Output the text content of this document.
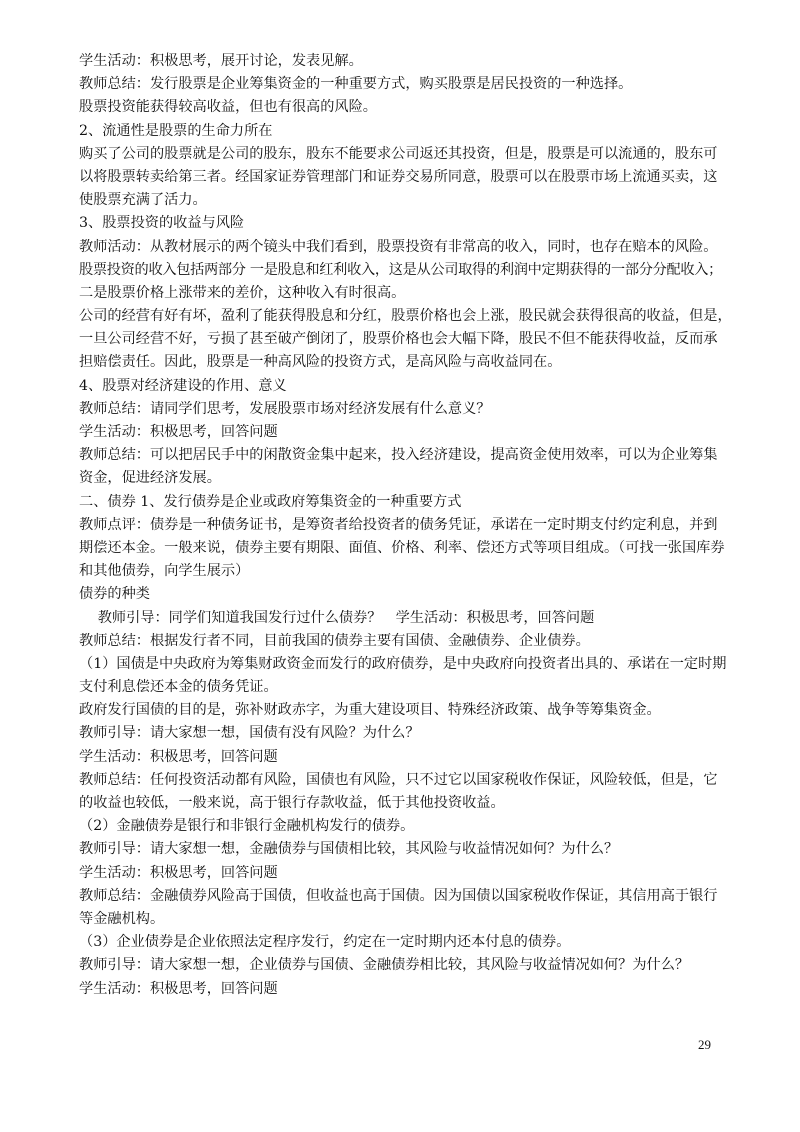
学生活动：积极思考，展开讨论，发表见解。

教师总结：发行股票是企业筹集资金的一种重要方式，购买股票是居民投资的一种选择。

股票投资能获得较高收益，但也有很高的风险。

2、流通性是股票的生命力所在

购买了公司的股票就是公司的股东，股东不能要求公司返还其投资，但是，股票是可以流通的，股东可

以将股票转卖给第三者。经国家证券管理部门和证券交易所同意，股票可以在股票市场上流通买卖，这

使股票充满了活力。

3、股票投资的收益与风险

教师活动：从教材展示的两个镜头中我们看到，股票投资有非常高的收入，同时，也存在赔本的风险。

股票投资的收入包括两部分 一是股息和红利收入，这是从公司取得的利润中定期获得的一部分分配收入；

二是股票价格上涨带来的差价，这种收入有时很高。

公司的经营有好有坏，盈利了能获得股息和分红，股票价格也会上涨，股民就会获得很高的收益，但是，

一旦公司经营不好，亏损了甚至破产倒闭了，股票价格也会大幅下降，股民不但不能获得收益，反而承

担赔偿责任。因此，股票是一种高风险的投资方式，是高风险与高收益同在。

4、股票对经济建设的作用、意义

教师总结：请同学们思考，发展股票市场对经济发展有什么意义？

学生活动：积极思考，回答问题

教师总结：可以把居民手中的闲散资金集中起来，投入经济建设，提高资金使用效率，可以为企业筹集

资金，促进经济发展。

二、债券 1、发行债券是企业或政府筹集资金的一种重要方式

教师点评：债券是一种债务证书，是筹资者给投资者的债务凭证，承诺在一定时期支付约定利息，并到

期偿还本金。一般来说，债券主要有期限、面值、价格、利率、偿还方式等项目组成。（可找一张国库券

和其他债券，向学生展示）

债券的种类

　 教师引导：同学们知道我国发行过什么债券？　学生活动：积极思考，回答问题

教师总结：根据发行者不同，目前我国的债券主要有国债、金融债券、企业债券。

（1）国债是中央政府为筹集财政资金而发行的政府债券，是中央政府向投资者出具的、承诺在一定时期

支付利息偿还本金的债务凭证。

政府发行国债的目的是，弥补财政赤字，为重大建设项目、特殊经济政策、战争等筹集资金。

教师引导：请大家想一想，国债有没有风险？为什么？

学生活动：积极思考，回答问题

教师总结：任何投资活动都有风险，国债也有风险，只不过它以国家税收作保证，风险较低，但是，它

的收益也较低，一般来说，高于银行存款收益，低于其他投资收益。

（2）金融债券是银行和非银行金融机构发行的债券。

教师引导：请大家想一想，金融债券与国债相比较，其风险与收益情况如何？为什么？

学生活动：积极思考，回答问题

教师总结：金融债券风险高于国债，但收益也高于国债。因为国债以国家税收作保证，其信用高于银行

等金融机构。

（3）企业债券是企业依照法定程序发行，约定在一定时期内还本付息的债券。

教师引导：请大家想一想，企业债券与国债、金融债券相比较，其风险与收益情况如何？为什么？

学生活动：积极思考，回答问题

29
